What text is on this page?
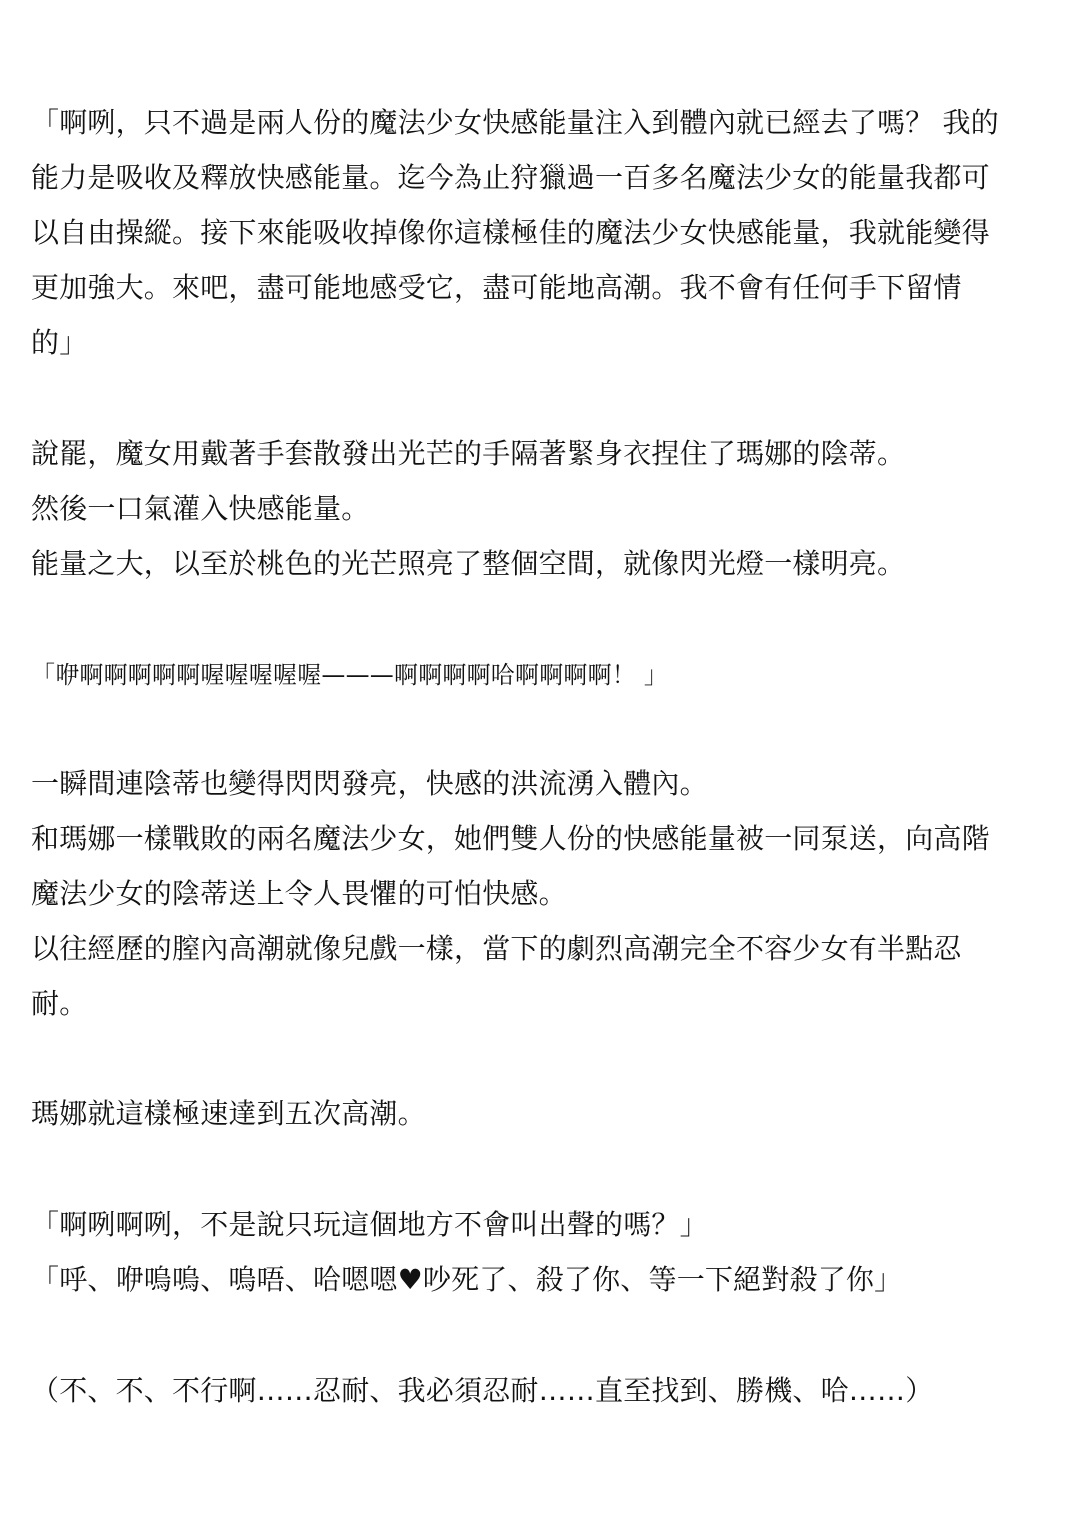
「啊咧，只不過是兩人份的魔法少女快感能量注入到體內就已經去了嗎？ 我的
能力是吸收及釋放快感能量。迄今為止狩獵過一百多名魔法少女的能量我都可
以自由操縱。接下來能吸收掉像你這樣極佳的魔法少女快感能量，我就能變得
更加強大。來吧，盡可能地感受它，盡可能地高潮。我不會有任何手下留情
的」
說罷，魔女用戴著手套散發出光芒的手隔著緊身衣捏住了瑪娜的陰蒂。
然後一口氣灌入快感能量。
能量之大，以至於桃色的光芒照亮了整個空間，就像閃光燈一樣明亮。
「咿啊啊啊啊啊喔喔喔喔喔———啊啊啊啊哈啊啊啊啊！ 」
一瞬間連陰蒂也變得閃閃發亮，快感的洪流湧入體內。
和瑪娜一樣戰敗的兩名魔法少女，她們雙人份的快感能量被一同泵送，向高階
魔法少女的陰蒂送上令人畏懼的可怕快感。
以往經歷的膣內高潮就像兒戲一樣，當下的劇烈高潮完全不容少女有半點忍
耐。
瑪娜就這樣極速達到五次高潮。
「啊咧啊咧，不是說只玩這個地方不會叫出聲的嗎？」
「呼、咿嗚嗚、嗚唔、哈嗯嗯♥吵死了、殺了你、等一下絕對殺了你」
（不、不、不行啊……忍耐、我必須忍耐……直至找到、勝機、哈……）
